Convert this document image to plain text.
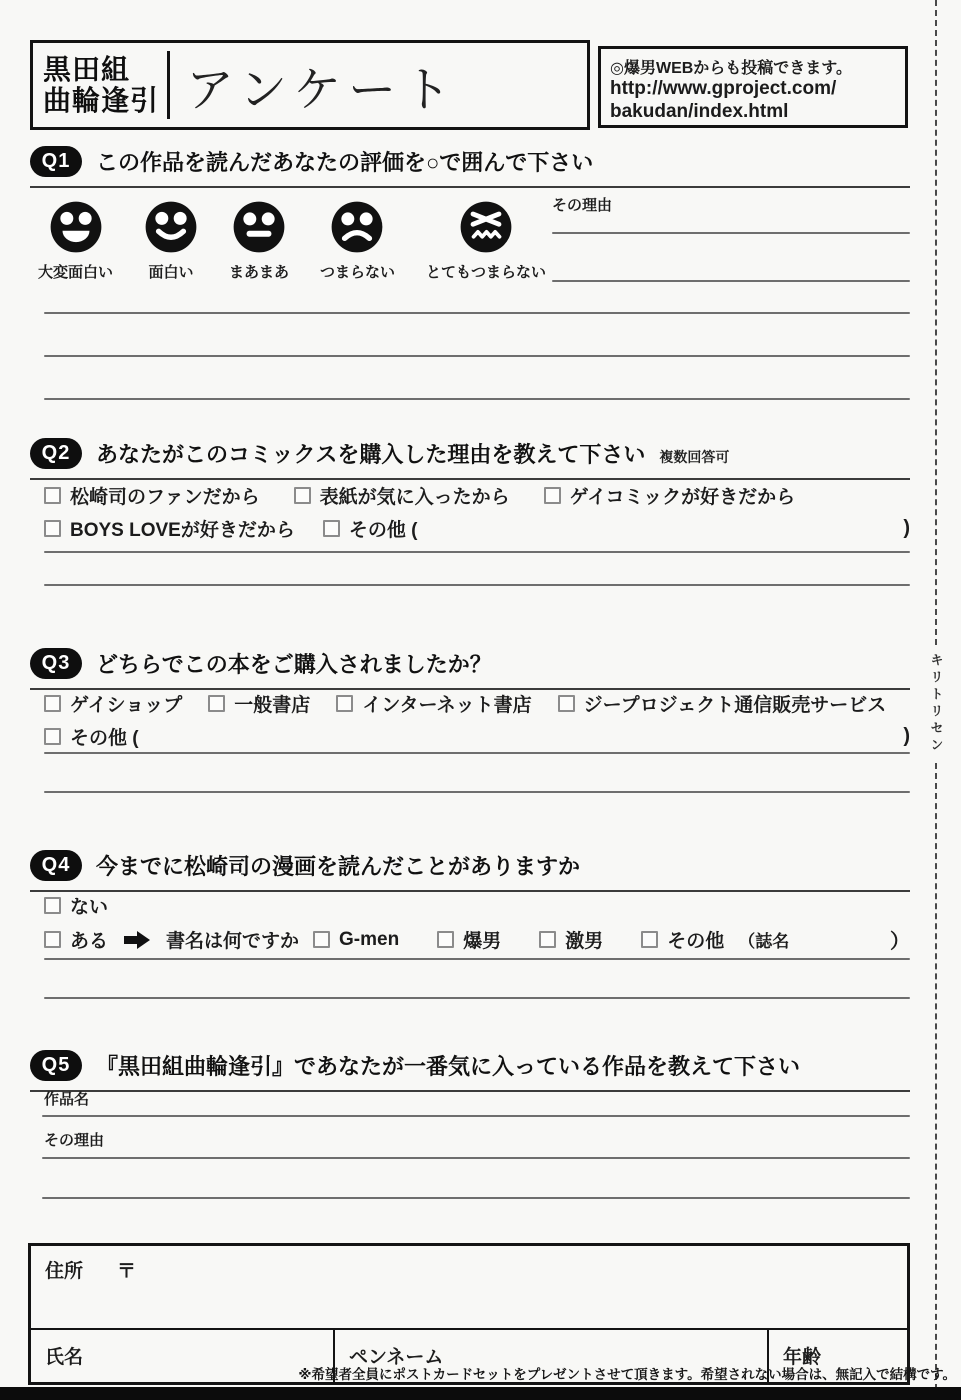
キリトリセン
黒田組
曲輪逢引 アンケート	◎爆男WEBからも投稿できます。
http://www.gproject.com/
bakudan/index.html
Q1	この作品を読んだあなたの評価を○で囲んで下さい
大変面白い 面白い まあまあ つまらない とてもつまらない
その理由
Q2	あなたがこのコミックスを購入した理由を教えて下さい 複数回答可
松崎司のファンだから	表紙が気に入ったから	ゲイコミックが好きだから
BOYS LOVEが好きだから	その他 (	)
Q3	どちらでこの本をご購入されましたか？
ゲイショップ	一般書店	インターネット書店	ジープロジェクト通信販売サービス
その他 (	)
Q4	今までに松崎司の漫画を読んだことがありますか
ない
ある	書名は何ですか G-men	爆男	激男	その他 （誌名	）
Q5	『黒田組曲輪逢引』であなたが一番気に入っている作品を教えて下さい
作品名
その理由
住所 〒
氏名	ペンネーム	年齢
※希望者全員にポストカードセットをプレゼントさせて頂きます。希望されない場合は、無記入で結構です。
